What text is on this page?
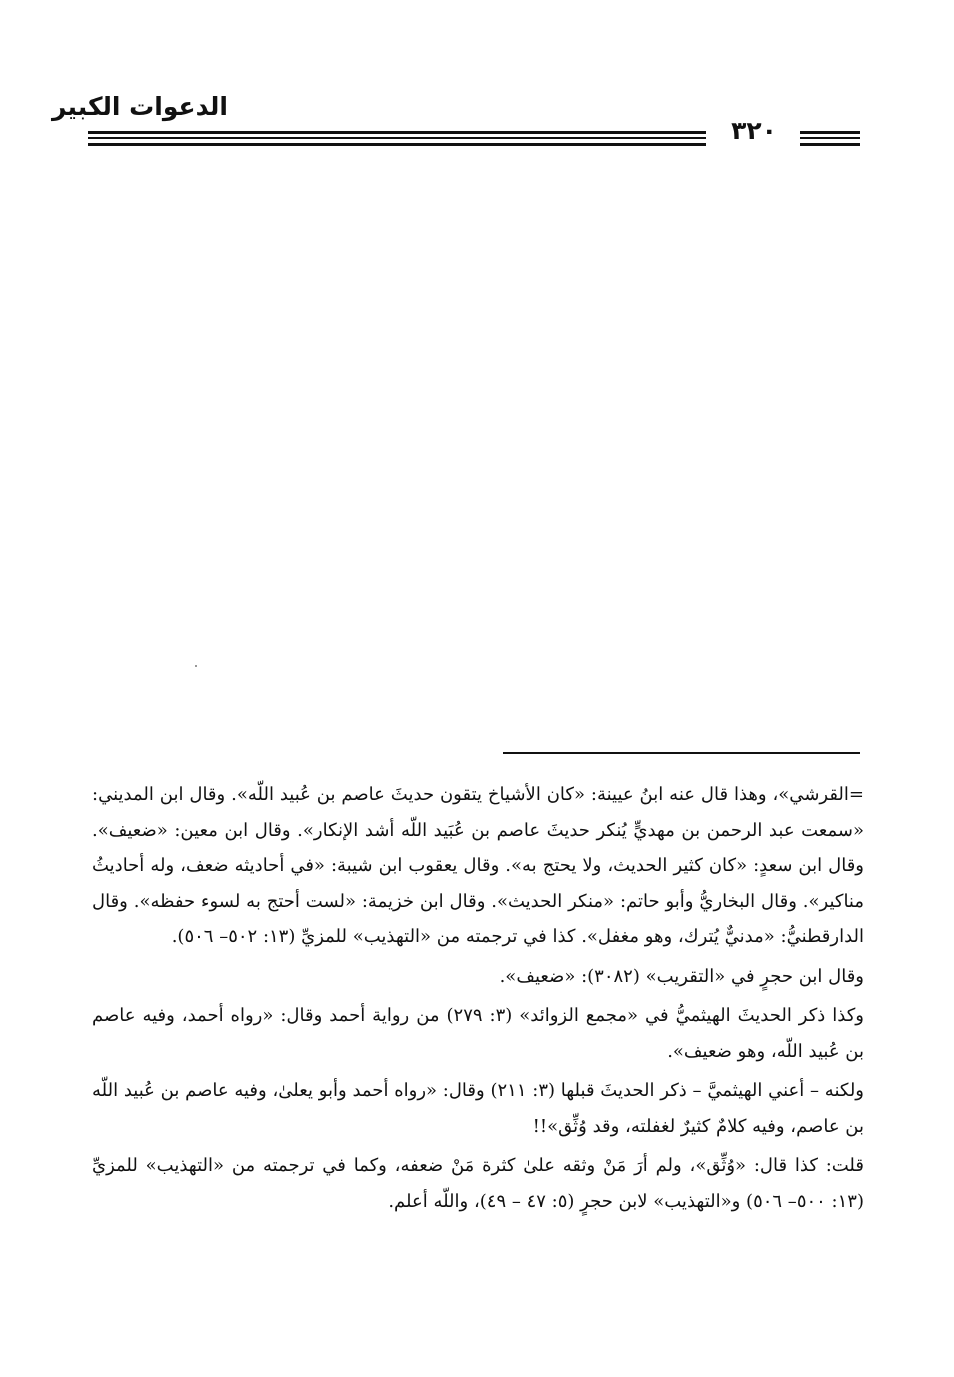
الدعوات الكبير
٣٢٠

=القرشي»، وهذا قال عنه ابنُ عيينة: «كان الأشياخ يتقون حديثَ عاصم بن عُبيد اللّه». وقال ابن المديني: «سمعت عبد الرحمن بن مهديٍّ يُنكر حديثَ عاصم بن عُبَيد اللّه أشد الإنكار». وقال ابن معين: «ضعيف». وقال ابن سعدٍ: «كان كثير الحديث، ولا يحتج به». وقال يعقوب ابن شيبة: «في أحاديثه ضعف، وله أحاديثُ مناكير». وقال البخاريُّ وأبو حاتم: «منكر الحديث». وقال ابن خزيمة: «لست أحتج به لسوء حفظه». وقال الدارقطنيُّ: «مدنيٌّ يُترك، وهو مغفل». كذا في ترجمته من «التهذيب» للمزيِّ (١٣: ٥٠٢– ٥٠٦).

وقال ابن حجرٍ في «التقريب» (٣٠٨٢): «ضعيف».

وكذا ذكر الحديثَ الهيثميُّ في «مجمع الزوائد» (٣: ٢٧٩) من رواية أحمد وقال: «رواه أحمد، وفيه عاصم بن عُبيد اللّه، وهو ضعيف».

ولكنه – أعني الهيثميَّ – ذكر الحديثَ قبلها (٣: ٢١١) وقال: «رواه أحمد وأبو يعلىٰ، وفيه عاصم بن عُبيد اللّه بن عاصم، وفيه كلامٌ كثيرٌ لغفلته، وقد وُثِّق»!!

قلت: كذا قال: «وُثِّق»، ولم أرَ مَنْ وثقه علىٰ كثرة مَنْ ضعفه، وكما في ترجمته من «التهذيب» للمزيِّ (١٣: ٥٠٠– ٥٠٦) و«التهذيب» لابن حجرٍ (٥: ٤٧ – ٤٩)، واللّه أعلم.
